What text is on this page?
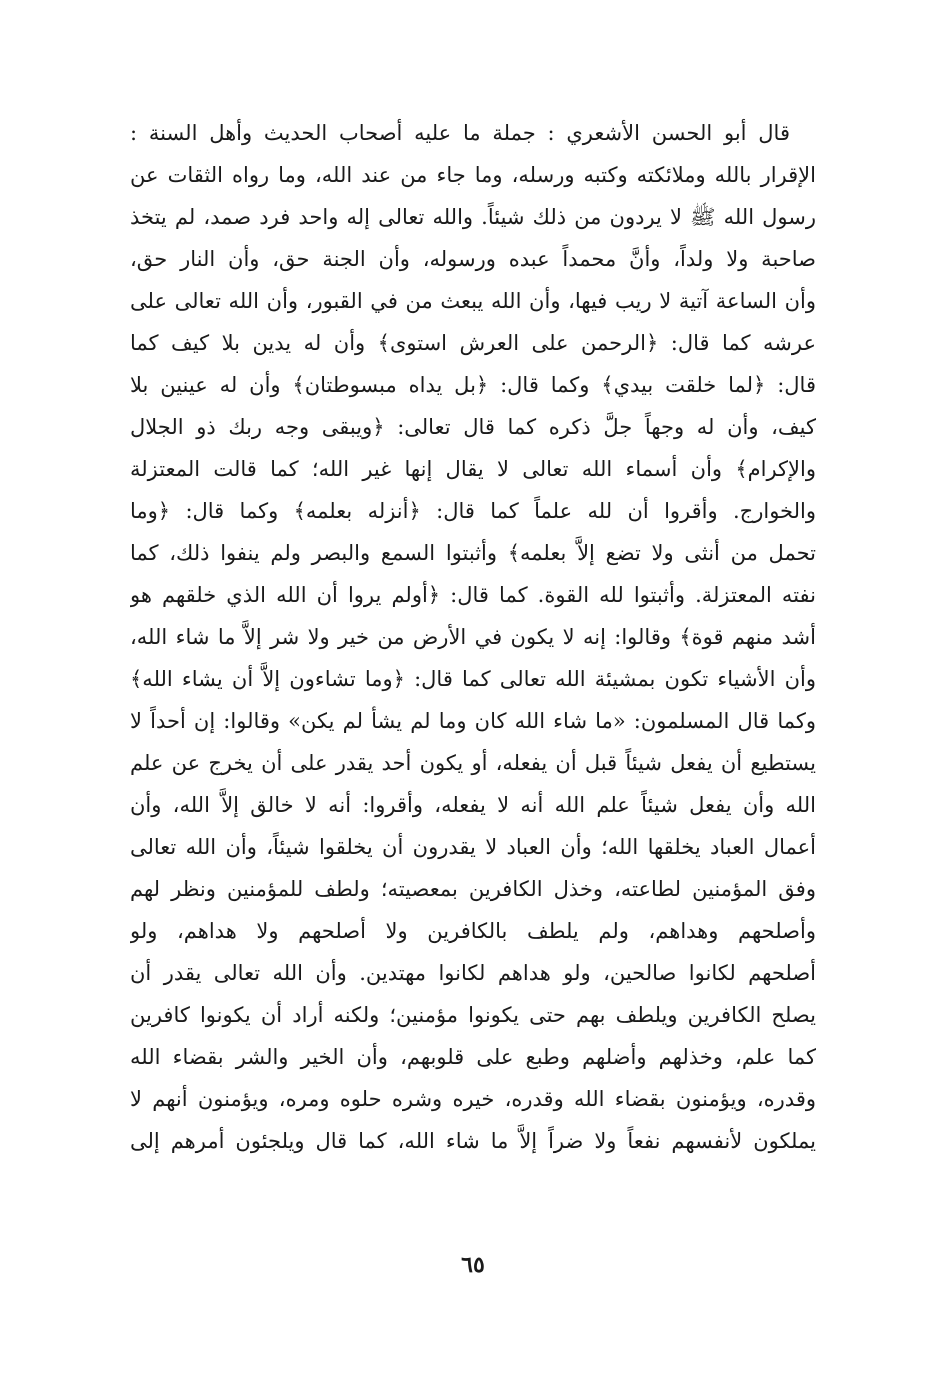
قال أبو الحسن الأشعري : جملة ما عليه أصحاب الحديث وأهل السنة :
الإقرار بالله وملائكته وكتبه ورسله، وما جاء من عند الله، وما رواه الثقات عن
رسول الله ﷺ لا يردون من ذلك شيئاً. والله تعالى إله واحد فرد صمد، لم يتخذ
صاحبة ولا ولداً، وأنَّ محمداً عبده ورسوله، وأن الجنة حق، وأن النار حق،
وأن الساعة آتية لا ريب فيها، وأن الله يبعث من في القبور، وأن الله تعالى على
عرشه كما قال: ﴿الرحمن على العرش استوى﴾ وأن له يدين بلا كيف كما
قال: ﴿لما خلقت بيدي﴾ وكما قال: ﴿بل يداه مبسوطتان﴾ وأن له عينين بلا
كيف، وأن له وجهاً جلَّ ذكره كما قال تعالى: ﴿ويبقى وجه ربك ذو الجلال
والإكرام﴾ وأن أسماء الله تعالى لا يقال إنها غير الله؛ كما قالت المعتزلة
والخوارج. وأقروا أن لله علماً كما قال: ﴿أنزله بعلمه﴾ وكما قال: ﴿وما
تحمل من أنثى ولا تضع إلاَّ بعلمه﴾ وأثبتوا السمع والبصر ولم ينفوا ذلك، كما
نفته المعتزلة. وأثبتوا لله القوة. كما قال: ﴿أولم يروا أن الله الذي خلقهم هو
أشد منهم قوة﴾ وقالوا: إنه لا يكون في الأرض من خير ولا شر إلاَّ ما شاء الله،
وأن الأشياء تكون بمشيئة الله تعالى كما قال: ﴿وما تشاءون إلاَّ أن يشاء الله﴾
وكما قال المسلمون: «ما شاء الله كان وما لم يشأ لم يكن» وقالوا: إن أحداً لا
يستطيع أن يفعل شيئاً قبل أن يفعله، أو يكون أحد يقدر على أن يخرج عن علم
الله وأن يفعل شيئاً علم الله أنه لا يفعله، وأقروا: أنه لا خالق إلاَّ الله، وأن
أعمال العباد يخلقها الله؛ وأن العباد لا يقدرون أن يخلقوا شيئاً، وأن الله تعالى
وفق المؤمنين لطاعته، وخذل الكافرين بمعصيته؛ ولطف للمؤمنين ونظر لهم
وأصلحهم وهداهم، ولم يلطف بالكافرين ولا أصلحهم ولا هداهم، ولو
أصلحهم لكانوا صالحين، ولو هداهم لكانوا مهتدين. وأن الله تعالى يقدر أن
يصلح الكافرين ويلطف بهم حتى يكونوا مؤمنين؛ ولكنه أراد أن يكونوا كافرين
كما علم، وخذلهم وأضلهم وطبع على قلوبهم، وأن الخير والشر بقضاء الله
وقدره، ويؤمنون بقضاء الله وقدره، خيره وشره حلوه ومره، ويؤمنون أنهم لا
يملكون لأنفسهم نفعاً ولا ضراً إلاَّ ما شاء الله، كما قال ويلجئون أمرهم إلى
٦٥
